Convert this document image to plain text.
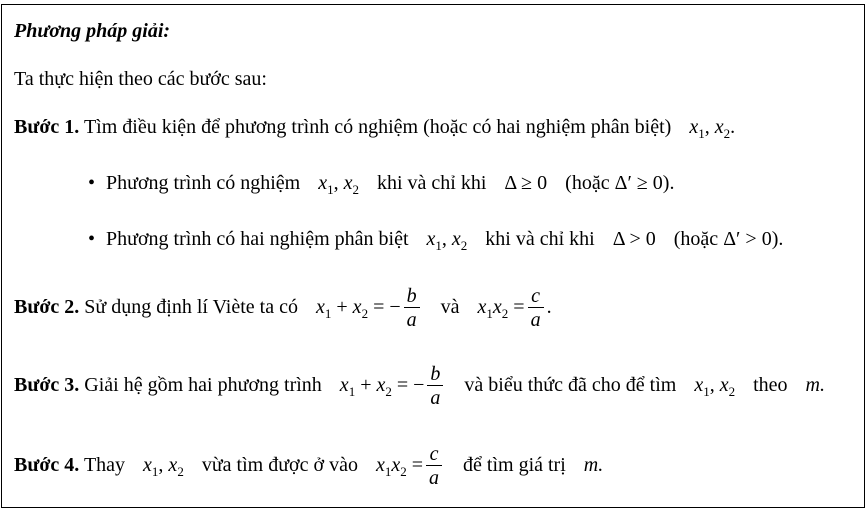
Phương pháp giải:
Ta thực hiện theo các bước sau:
Bước 1. Tìm điều kiện để phương trình có nghiệm (hoặc có hai nghiệm phân biệt) $x_1$, $x_2$.
• Phương trình có nghiệm $x_1$, $x_2$ khi và chỉ khi Δ ≥ 0 (hoặc Δ′ ≥ 0).
• Phương trình có hai nghiệm phân biệt $x_1$, $x_2$ khi và chỉ khi Δ > 0 (hoặc Δ′ > 0).
Bước 2. Sử dụng định lí Viète ta có $x_1 + x_2$ = − $\frac{b}{a}$ và $x_1x_2 = \frac{c}{a}$ .
Bước 3. Giải hệ gồm hai phương trình $x_1 + x_2$ = − $\frac{b}{a}$ và biểu thức đã cho để tìm $x_1$, $x_2$ theo m.
Bước 4. Thay $x_1$, $x_2$ vừa tìm được ở vào $x_1x_2 = \frac{c}{a}$ để tìm giá trị m.
